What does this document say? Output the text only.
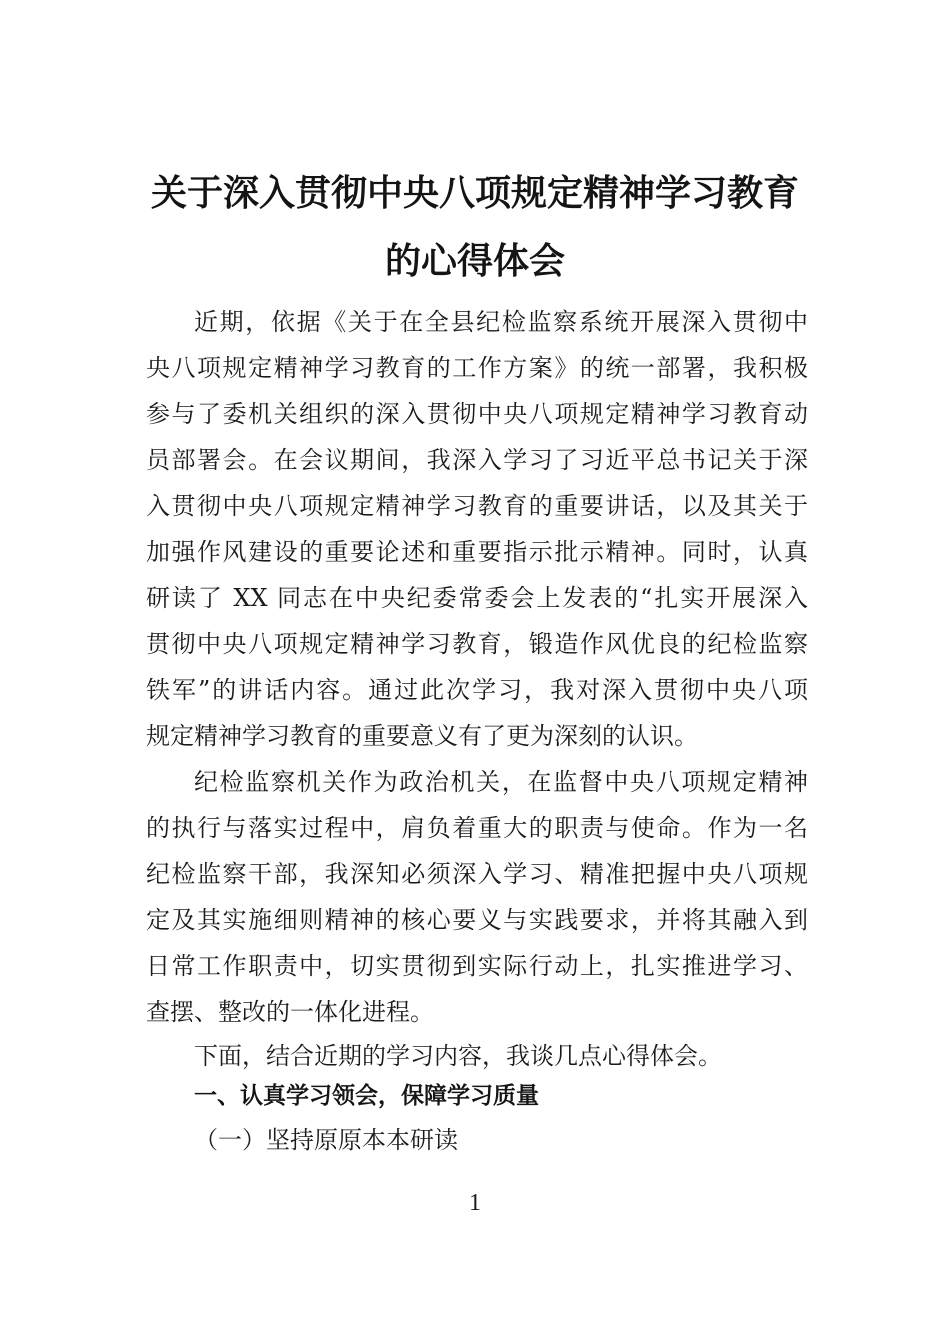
关于深入贯彻中央八项规定精神学习教育
的心得体会
近期，依据《关于在全县纪检监察系统开展深入贯彻中
央八项规定精神学习教育的工作方案》的统一部署，我积极
参与了委机关组织的深入贯彻中央八项规定精神学习教育动
员部署会。在会议期间，我深入学习了习近平总书记关于深
入贯彻中央八项规定精神学习教育的重要讲话，以及其关于
加强作风建设的重要论述和重要指示批示精神。同时，认真
研读了 XX 同志在中央纪委常委会上发表的“扎实开展深入
贯彻中央八项规定精神学习教育，锻造作风优良的纪检监察
铁军”的讲话内容。通过此次学习，我对深入贯彻中央八项
规定精神学习教育的重要意义有了更为深刻的认识。
纪检监察机关作为政治机关，在监督中央八项规定精神
的执行与落实过程中，肩负着重大的职责与使命。作为一名
纪检监察干部，我深知必须深入学习、精准把握中央八项规
定及其实施细则精神的核心要义与实践要求，并将其融入到
日常工作职责中，切实贯彻到实际行动上，扎实推进学习、
查摆、整改的一体化进程。
下面，结合近期的学习内容，我谈几点心得体会。
一、认真学习领会，保障学习质量
（一）坚持原原本本研读
1
